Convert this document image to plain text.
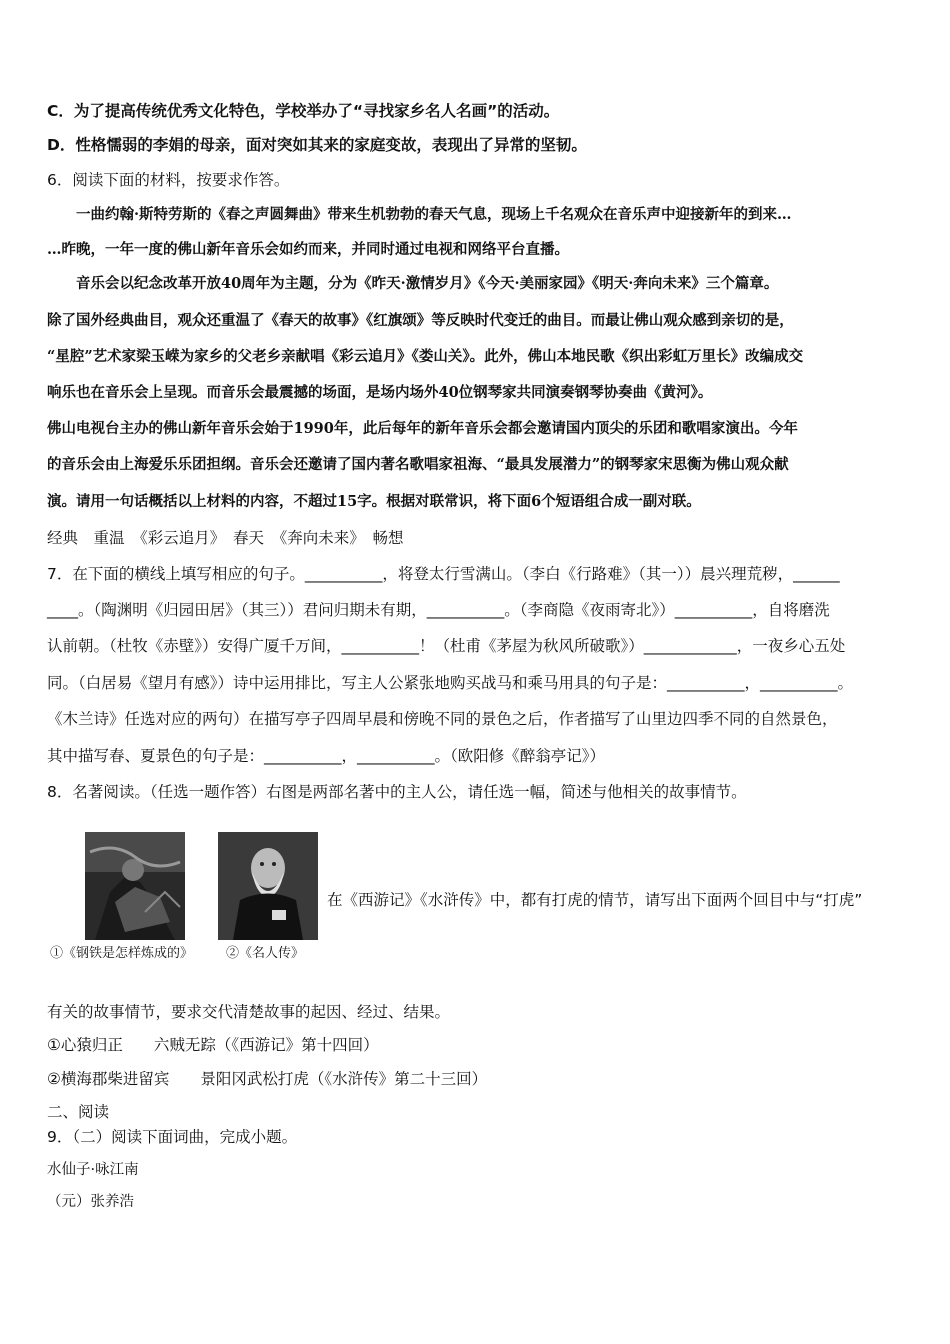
C．为了提高传统优秀文化特色，学校举办了“寻找家乡名人名画”的活动。
D．性格懦弱的李娟的母亲，面对突如其来的家庭变故，表现出了异常的坚韧。
6．阅读下面的材料，按要求作答。
　　一曲约翰·斯特劳斯的《春之声圆舞曲》带来生机勃勃的春天气息，现场上千名观众在音乐声中迎接新年的到来…
…昨晚，一年一度的佛山新年音乐会如约而来，并同时通过电视和网络平台直播。
　　音乐会以纪念改革开放40周年为主题，分为《昨天·激情岁月》《今天·美丽家园》《明天·奔向未来》三个篇章。
除了国外经典曲目，观众还重温了《春天的故事》《红旗颂》等反映时代变迁的曲目。而最让佛山观众感到亲切的是，
“星腔”艺术家梁玉嵘为家乡的父老乡亲献唱《彩云追月》《娄山关》。此外，佛山本地民歌《织出彩虹万里长》改编成交
响乐也在音乐会上呈现。而音乐会最震撼的场面，是场内场外40位钢琴家共同演奏钢琴协奏曲《黄河》。
佛山电视台主办的佛山新年音乐会始于1990年，此后每年的新年音乐会都会邀请国内顶尖的乐团和歌唱家演出。今年
的音乐会由上海爱乐乐团担纲。音乐会还邀请了国内著名歌唱家祖海、“最具发展潜力”的钢琴家宋思衡为佛山观众献
演。请用一句话概括以上材料的内容，不超过15字。根据对联常识，将下面6个短语组合成一副对联。
经典　重温　《彩云追月》　春天　《奔向未来》　畅想
7．在下面的横线上填写相应的句子。__________，将登太行雪满山。（李白《行路难》（其一））晨兴理荒秽，______
____。（陶渊明《归园田居》（其三））君问归期未有期，__________。（李商隐《夜雨寄北》）__________，自将磨洗
认前朝。（杜牧《赤壁》）安得广厦千万间，__________！（杜甫《茅屋为秋风所破歌》）____________，一夜乡心五处
同。（白居易《望月有感》）诗中运用排比，写主人公紧张地购买战马和乘马用具的句子是：__________，__________。
《木兰诗》任选对应的两句）在描写亭子四周早晨和傍晚不同的景色之后，作者描写了山里边四季不同的自然景色，
其中描写春、夏景色的句子是：__________，__________。（欧阳修《醉翁亭记》）
8．名著阅读。（任选一题作答）右图是两部名著中的主人公，请任选一幅，简述与他相关的故事情节。
①《钢铁是怎样炼成的》	②《名人传》
在《西游记》《水浒传》中，都有打虎的情节，请写出下面两个回目中与“打虎”
有关的故事情节，要求交代清楚故事的起因、经过、结果。
①心猿归正　　六贼无踪（《西游记》第十四回）
②横海郡柴进留宾　　景阳冈武松打虎（《水浒传》第二十三回）
二、阅读
9．（二）阅读下面词曲，完成小题。
水仙子·咏江南
（元）张养浩
